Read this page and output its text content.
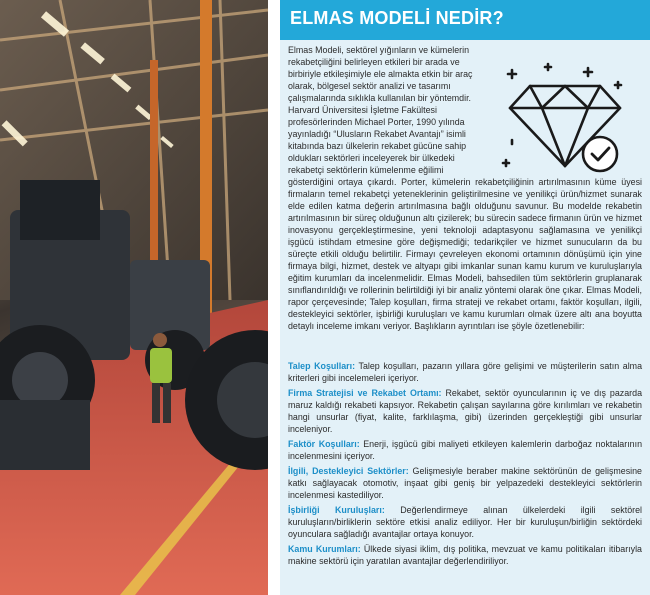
ELMAS MODELİ NEDİR?
Elmas Modeli, sektörel yığınların ve kümelerin rekabetçiliğini belirleyen etkileri bir arada ve birbiriyle etkileşimiyle ele almakta etkin bir araç olarak, bölgesel sektör analizi ve tasarımı çalışmalarında sıklıkla kullanılan bir yöntemdir. Harvard Üniversitesi İşletme Fakültesi profesörlerinden Michael Porter, 1990 yılında yayınladığı “Ulusların Rekabet Avantajı” isimli kitabında bazı ülkelerin rekabet gücüne sahip oldukları sektörleri inceleyerek bir ülkedeki rekabetçi sektörlerin kümelenme eğilimi
gösterdiğini ortaya çıkardı. Porter, kümelerin rekabetçiliğinin artırılmasının küme üyesi firmaların temel rekabetçi yeteneklerinin geliştirilmesine ve yenilikçi ürün/hizmet sunarak elde edilen katma değerin artırılmasına bağlı olduğunu savunur. Bu modelde rekabetin artırılmasının bir süreç olduğunun altı çizilerek; bu sürecin sadece firmanın ürün ve hizmet inovasyonu gerçekleştirmesine, yeni teknoloji adaptasyonu sağlamasına ve yenilikçi işgücü istihdam etmesine göre değişmediği; tedarikçiler ve hizmet sunucuların da bu süreçte etkili olduğu belirtilir. Firmayı çevreleyen ekonomi ortamının dönüşümü için yine firmaya bilgi, hizmet, destek ve altyapı gibi imkanlar sunan kamu kurum ve kuruluşlarıyla eğitim kurumları da incelenmelidir. Elmas Modeli, bahsedilen tüm sektörlerin gruplanarak sınıflandırıldığı ve rollerinin belirtildiği iyi bir analiz yöntemi olarak öne çıkar. Elmas Modeli, rapor çerçevesinde; Talep koşulları, firma strateji ve rekabet ortamı, faktör koşulları, ilgili, destekleyici sektörler, işbirliği kuruluşları ve kamu kurumları olmak üzere altı ana boyutta detaylı inceleme imkanı veriyor. Başlıkların ayrıntıları ise şöyle özetlenebilir:
Talep Koşulları: Talep koşulları, pazarın yıllara göre gelişimi ve müşterilerin satın alma kriterleri gibi incelemeleri içeriyor.
Firma Stratejisi ve Rekabet Ortamı: Rekabet, sektör oyuncularının iç ve dış pazarda maruz kaldığı rekabeti kapsıyor. Rekabetin çalışan sayılarına göre kırılımları ve rekabetin hangi unsurlar (fiyat, kalite, farklılaşma, gibi) üzerinden gerçekleştiği gibi unsurlar inceleniyor.
Faktör Koşulları: Enerji, işgücü gibi maliyeti etkileyen kalemlerin darboğaz noktalarının incelenmesini içeriyor.
İlgili, Destekleyici Sektörler: Gelişmesiyle beraber makine sektörünün de gelişmesine katkı sağlayacak otomotiv, inşaat gibi geniş bir yelpazedeki destekleyici sektörlerin incelenmesi kastediliyor.
İşbirliği Kuruluşları: Değerlendirmeye alınan ülkelerdeki ilgili sektörel kuruluşların/birliklerin sektöre etkisi analiz ediliyor. Her bir kuruluşun/birliğin sektördeki oyunculara sağladığı avantajlar ortaya konuyor.
Kamu Kurumları: Ülkede siyasi iklim, dış politika, mevzuat ve kamu politikaları itibarıyla makine sektörü için yaratılan avantajlar değerlendiriliyor.
